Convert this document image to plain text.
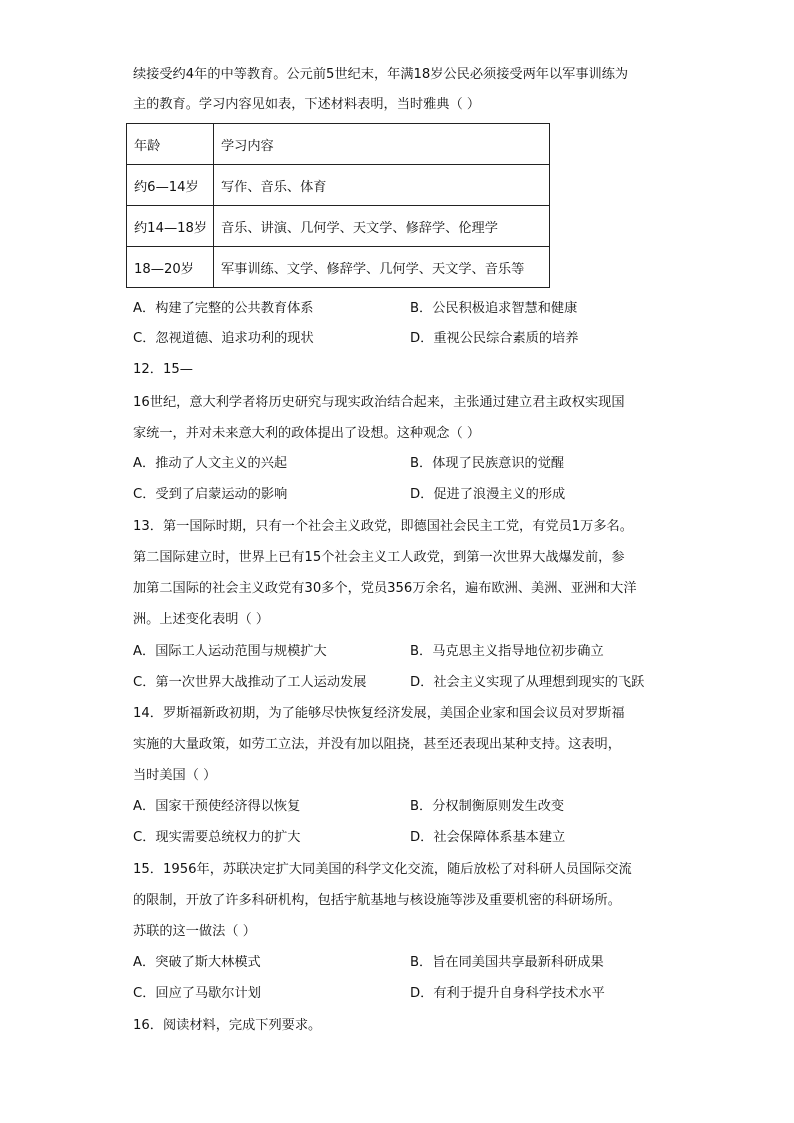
续接受约4年的中等教育。公元前5世纪末，年满18岁公民必须接受两年以军事训练为
主的教育。学习内容见如表，下述材料表明，当时雅典（ ）
年龄	学习内容
约6—14岁	写作、音乐、体育
约14—18岁	音乐、讲演、几何学、天文学、修辞学、伦理学
18—20岁	军事训练、文学、修辞学、几何学、天文学、音乐等
A．构建了完整的公共教育体系	B．公民积极追求智慧和健康
C．忽视道德、追求功利的现状	D．重视公民综合素质的培养
12．15—
16世纪，意大利学者将历史研究与现实政治结合起来，主张通过建立君主政权实现国
家统一，并对未来意大利的政体提出了设想。这种观念（ ）
A．推动了人文主义的兴起	B．体现了民族意识的觉醒
C．受到了启蒙运动的影响	D．促进了浪漫主义的形成
13．第一国际时期，只有一个社会主义政党，即德国社会民主工党，有党员1万多名。
第二国际建立时，世界上已有15个社会主义工人政党，到第一次世界大战爆发前，参
加第二国际的社会主义政党有30多个，党员356万余名，遍布欧洲、美洲、亚洲和大洋
洲。上述变化表明（ ）
A．国际工人运动范围与规模扩大	B．马克思主义指导地位初步确立
C．第一次世界大战推动了工人运动发展	D．社会主义实现了从理想到现实的飞跃
14．罗斯福新政初期，为了能够尽快恢复经济发展，美国企业家和国会议员对罗斯福
实施的大量政策，如劳工立法，并没有加以阻挠，甚至还表现出某种支持。这表明，
当时美国（ ）
A．国家干预使经济得以恢复	B．分权制衡原则发生改变
C．现实需要总统权力的扩大	D．社会保障体系基本建立
15．1956年，苏联决定扩大同美国的科学文化交流，随后放松了对科研人员国际交流
的限制，开放了许多科研机构，包括宇航基地与核设施等涉及重要机密的科研场所。
苏联的这一做法（ ）
A．突破了斯大林模式	B．旨在同美国共享最新科研成果
C．回应了马歇尔计划	D．有利于提升自身科学技术水平
16．阅读材料，完成下列要求。
